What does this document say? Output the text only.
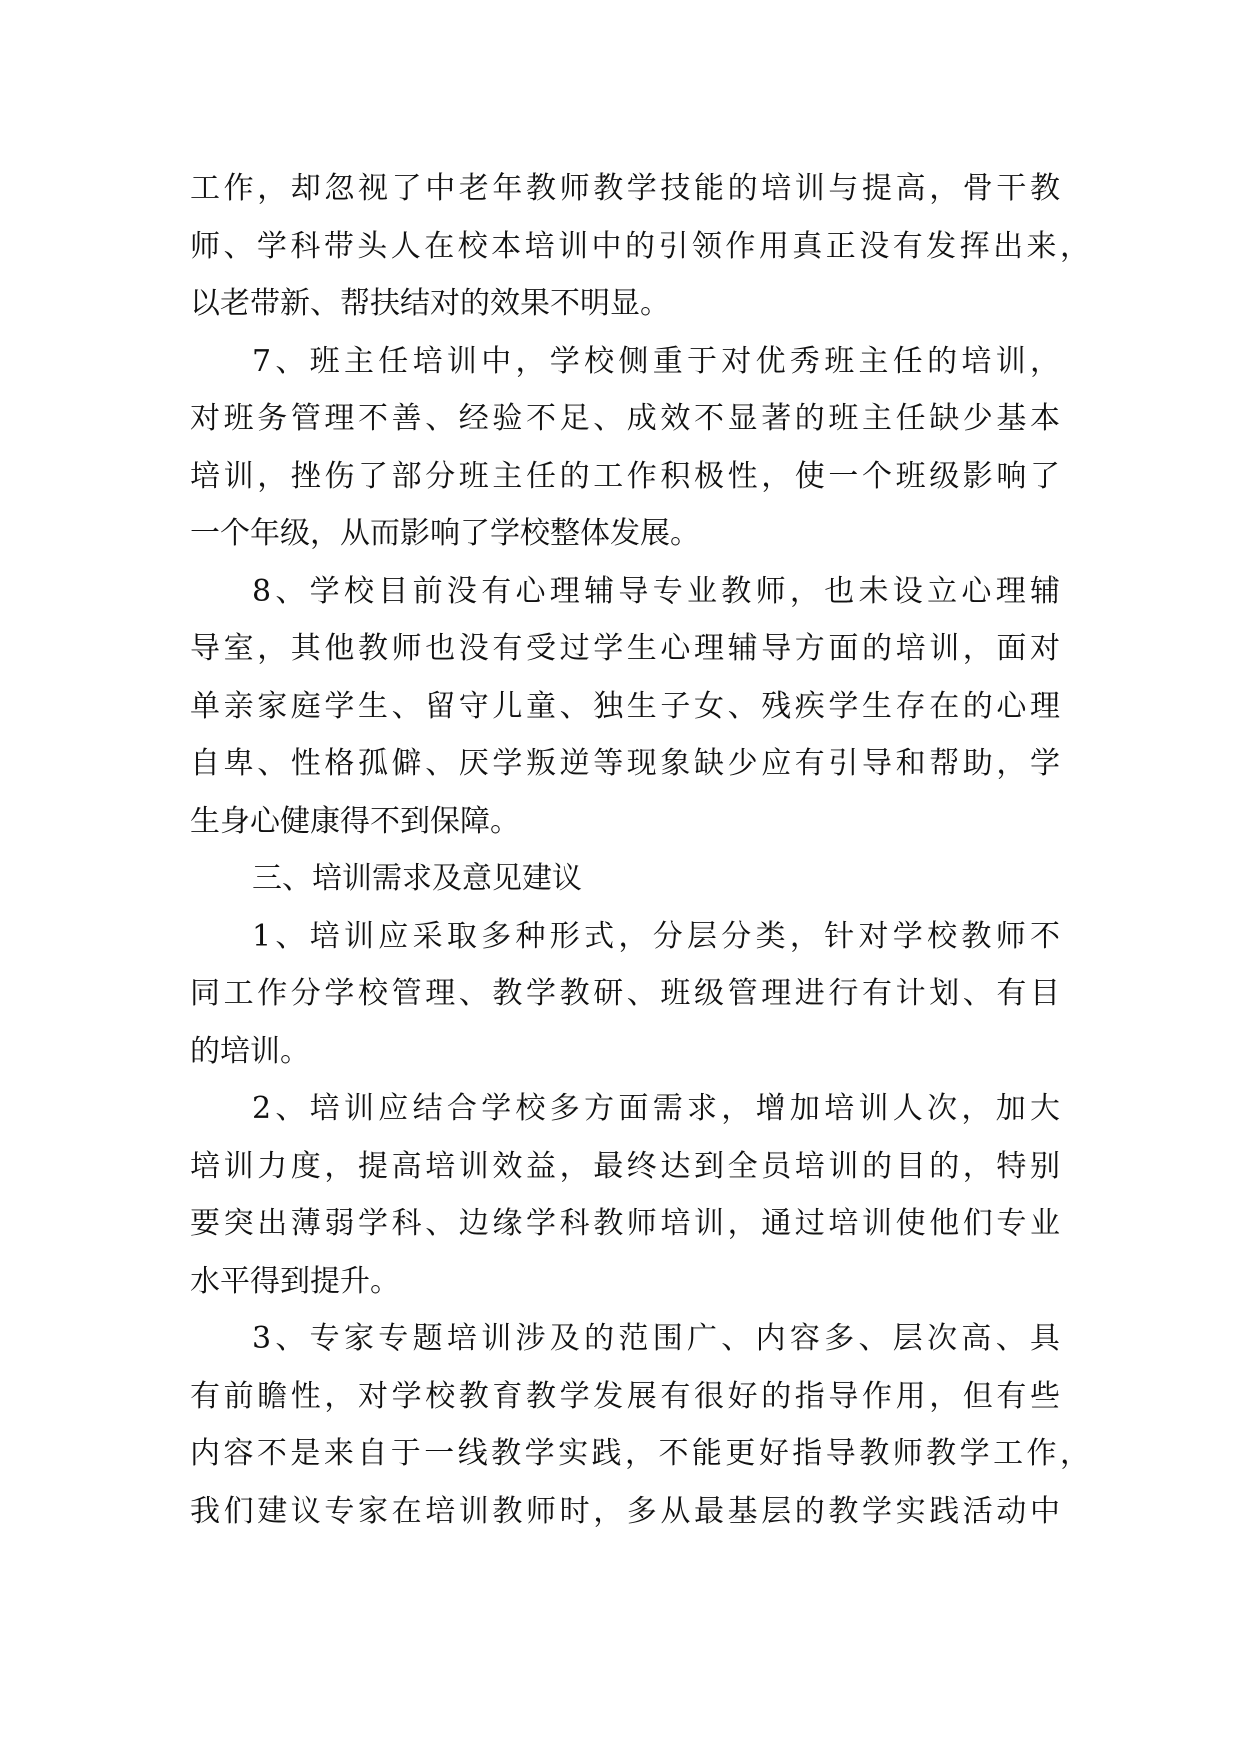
工作，却忽视了中老年教师教学技能的培训与提高，骨干教
师、学科带头人在校本培训中的引领作用真正没有发挥出来，
以老带新、帮扶结对的效果不明显。
7、班主任培训中，学校侧重于对优秀班主任的培训，
对班务管理不善、经验不足、成效不显著的班主任缺少基本
培训，挫伤了部分班主任的工作积极性，使一个班级影响了
一个年级，从而影响了学校整体发展。
8、学校目前没有心理辅导专业教师，也未设立心理辅
导室，其他教师也没有受过学生心理辅导方面的培训，面对
单亲家庭学生、留守儿童、独生子女、残疾学生存在的心理
自卑、性格孤僻、厌学叛逆等现象缺少应有引导和帮助，学
生身心健康得不到保障。
三、培训需求及意见建议
1、培训应采取多种形式，分层分类，针对学校教师不
同工作分学校管理、教学教研、班级管理进行有计划、有目
的培训。
2、培训应结合学校多方面需求，增加培训人次，加大
培训力度，提高培训效益，最终达到全员培训的目的，特别
要突出薄弱学科、边缘学科教师培训，通过培训使他们专业
水平得到提升。
3、专家专题培训涉及的范围广、内容多、层次高、具
有前瞻性，对学校教育教学发展有很好的指导作用，但有些
内容不是来自于一线教学实践，不能更好指导教师教学工作，
我们建议专家在培训教师时，多从最基层的教学实践活动中
